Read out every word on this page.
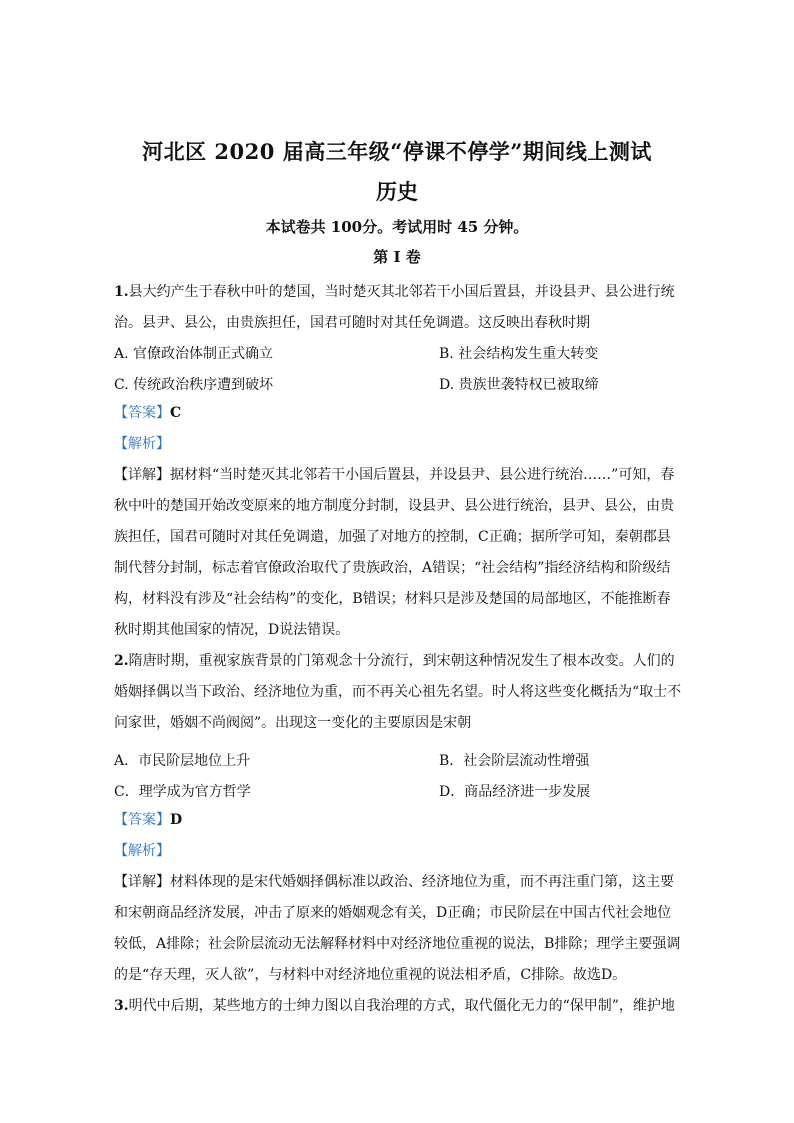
河北区 2020 届高三年级“停课不停学”期间线上测试
历史
本试卷共 100分。考试用时 45 分钟。
第 I 卷

1.县大约产生于春秋中叶的楚国，当时楚灭其北邻若干小国后置县，并设县尹、县公进行统治。县尹、县公，由贵族担任，国君可随时对其任免调遣。这反映出春秋时期

A. 官僚政治体制正式确立	B. 社会结构发生重大转变
C. 传统政治秩序遭到破坏	D. 贵族世袭特权已被取缔
【答案】C
【解析】

【详解】据材料“当时楚灭其北邻若干小国后置县，并设县尹、县公进行统治……”可知，春秋中叶的楚国开始改变原来的地方制度分封制，设县尹、县公进行统治，县尹、县公，由贵族担任，国君可随时对其任免调遣，加强了对地方的控制，C正确；据所学可知，秦朝郡县制代替分封制，标志着官僚政治取代了贵族政治，A错误；“社会结构”指经济结构和阶级结构，材料没有涉及“社会结构”的变化，B错误；材料只是涉及楚国的局部地区，不能推断春秋时期其他国家的情况，D说法错误。

2.隋唐时期，重视家族背景的门第观念十分流行，到宋朝这种情况发生了根本改变。人们的婚姻择偶以当下政治、经济地位为重，而不再关心祖先名望。时人将这些变化概括为“取士不问家世，婚姻不尚阀阅”。出现这一变化的主要原因是宋朝

A．市民阶层地位上升	B．社会阶层流动性增强
C．理学成为官方哲学	D．商品经济进一步发展
【答案】D
【解析】

【详解】材料体现的是宋代婚姻择偶标准以政治、经济地位为重，而不再注重门第，这主要和宋朝商品经济发展，冲击了原来的婚姻观念有关，D正确；市民阶层在中国古代社会地位较低，A排除；社会阶层流动无法解释材料中对经济地位重视的说法，B排除；理学主要强调的是“存天理，灭人欲”，与材料中对经济地位重视的说法相矛盾，C排除。故选D。

3.明代中后期，某些地方的士绅力图以自我治理的方式，取代僵化无力的“保甲制”，维护地
